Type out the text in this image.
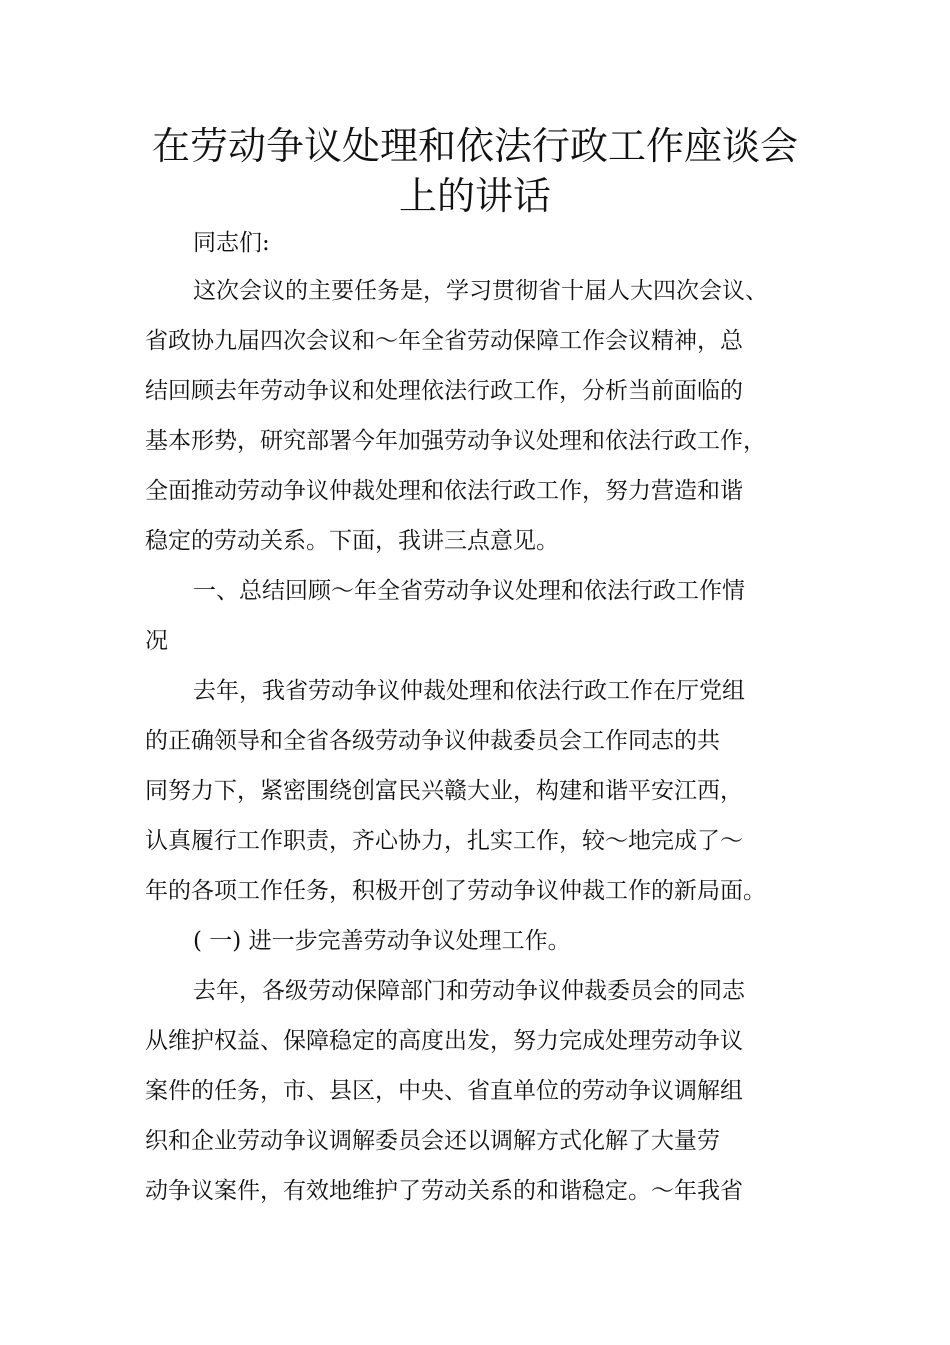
在劳动争议处理和依法行政工作座谈会
上的讲话

同志们:

这次会议的主要任务是，学习贯彻省十届人大四次会议、

省政协九届四次会议和～年全省劳动保障工作会议精神，总

结回顾去年劳动争议和处理依法行政工作，分析当前面临的

基本形势，研究部署今年加强劳动争议处理和依法行政工作，

全面推动劳动争议仲裁处理和依法行政工作，努力营造和谐

稳定的劳动关系。下面，我讲三点意见。

一、总结回顾～年全省劳动争议处理和依法行政工作情

况

去年，我省劳动争议仲裁处理和依法行政工作在厅党组

的正确领导和全省各级劳动争议仲裁委员会工作同志的共

同努力下，紧密围绕创富民兴赣大业，构建和谐平安江西，

认真履行工作职责，齐心协力，扎实工作，较～地完成了～

年的各项工作任务，积极开创了劳动争议仲裁工作的新局面。

( 一) 进一步完善劳动争议处理工作。

去年，各级劳动保障部门和劳动争议仲裁委员会的同志

从维护权益、保障稳定的高度出发，努力完成处理劳动争议

案件的任务，市、县区，中央、省直单位的劳动争议调解组

织和企业劳动争议调解委员会还以调解方式化解了大量劳

动争议案件，有效地维护了劳动关系的和谐稳定。～年我省
